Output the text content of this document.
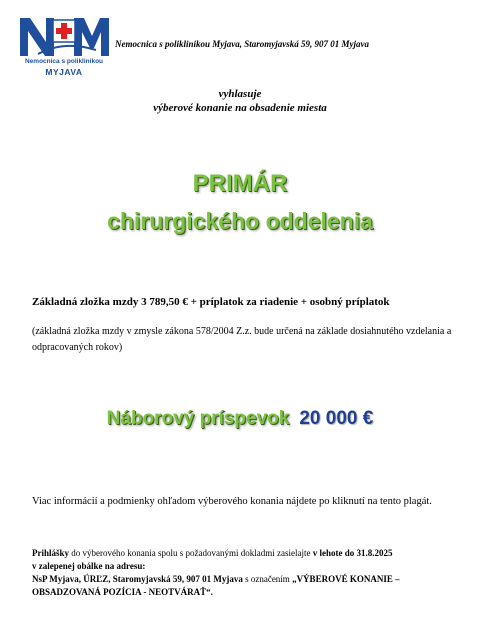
Nemocnica s poliklinikou
MYJAVA
Nemocnica s poliklinikou Myjava, Staromyjavská 59, 907 01 Myjava
vyhlasuje
výberové konanie na obsadenie miesta
PRIMÁR
chirurgického oddelenia
Základná zložka mzdy 3 789,50 € + príplatok za riadenie + osobný príplatok
(základná zložka mzdy v zmysle zákona 578/2004 Z.z. bude určená na základe dosiahnutého vzdelania a odpracovaných rokov)
Náborový príspevok 20 000 €
Viac informácií a podmienky ohľadom výberového konania nájdete po kliknutí na tento plagát.
Prihlášky do výberového konania spolu s požadovanými dokladmi zasielajte v lehote do 31.8.2025
v zalepenej obálke na adresu:
NsP Myjava, ÚRĽZ, Staromyjavská 59, 907 01 Myjava s označením „VÝBEROVÉ KONANIE – OBSADZOVANÁ POZÍCIA - NEOTVÁRAŤ“.
